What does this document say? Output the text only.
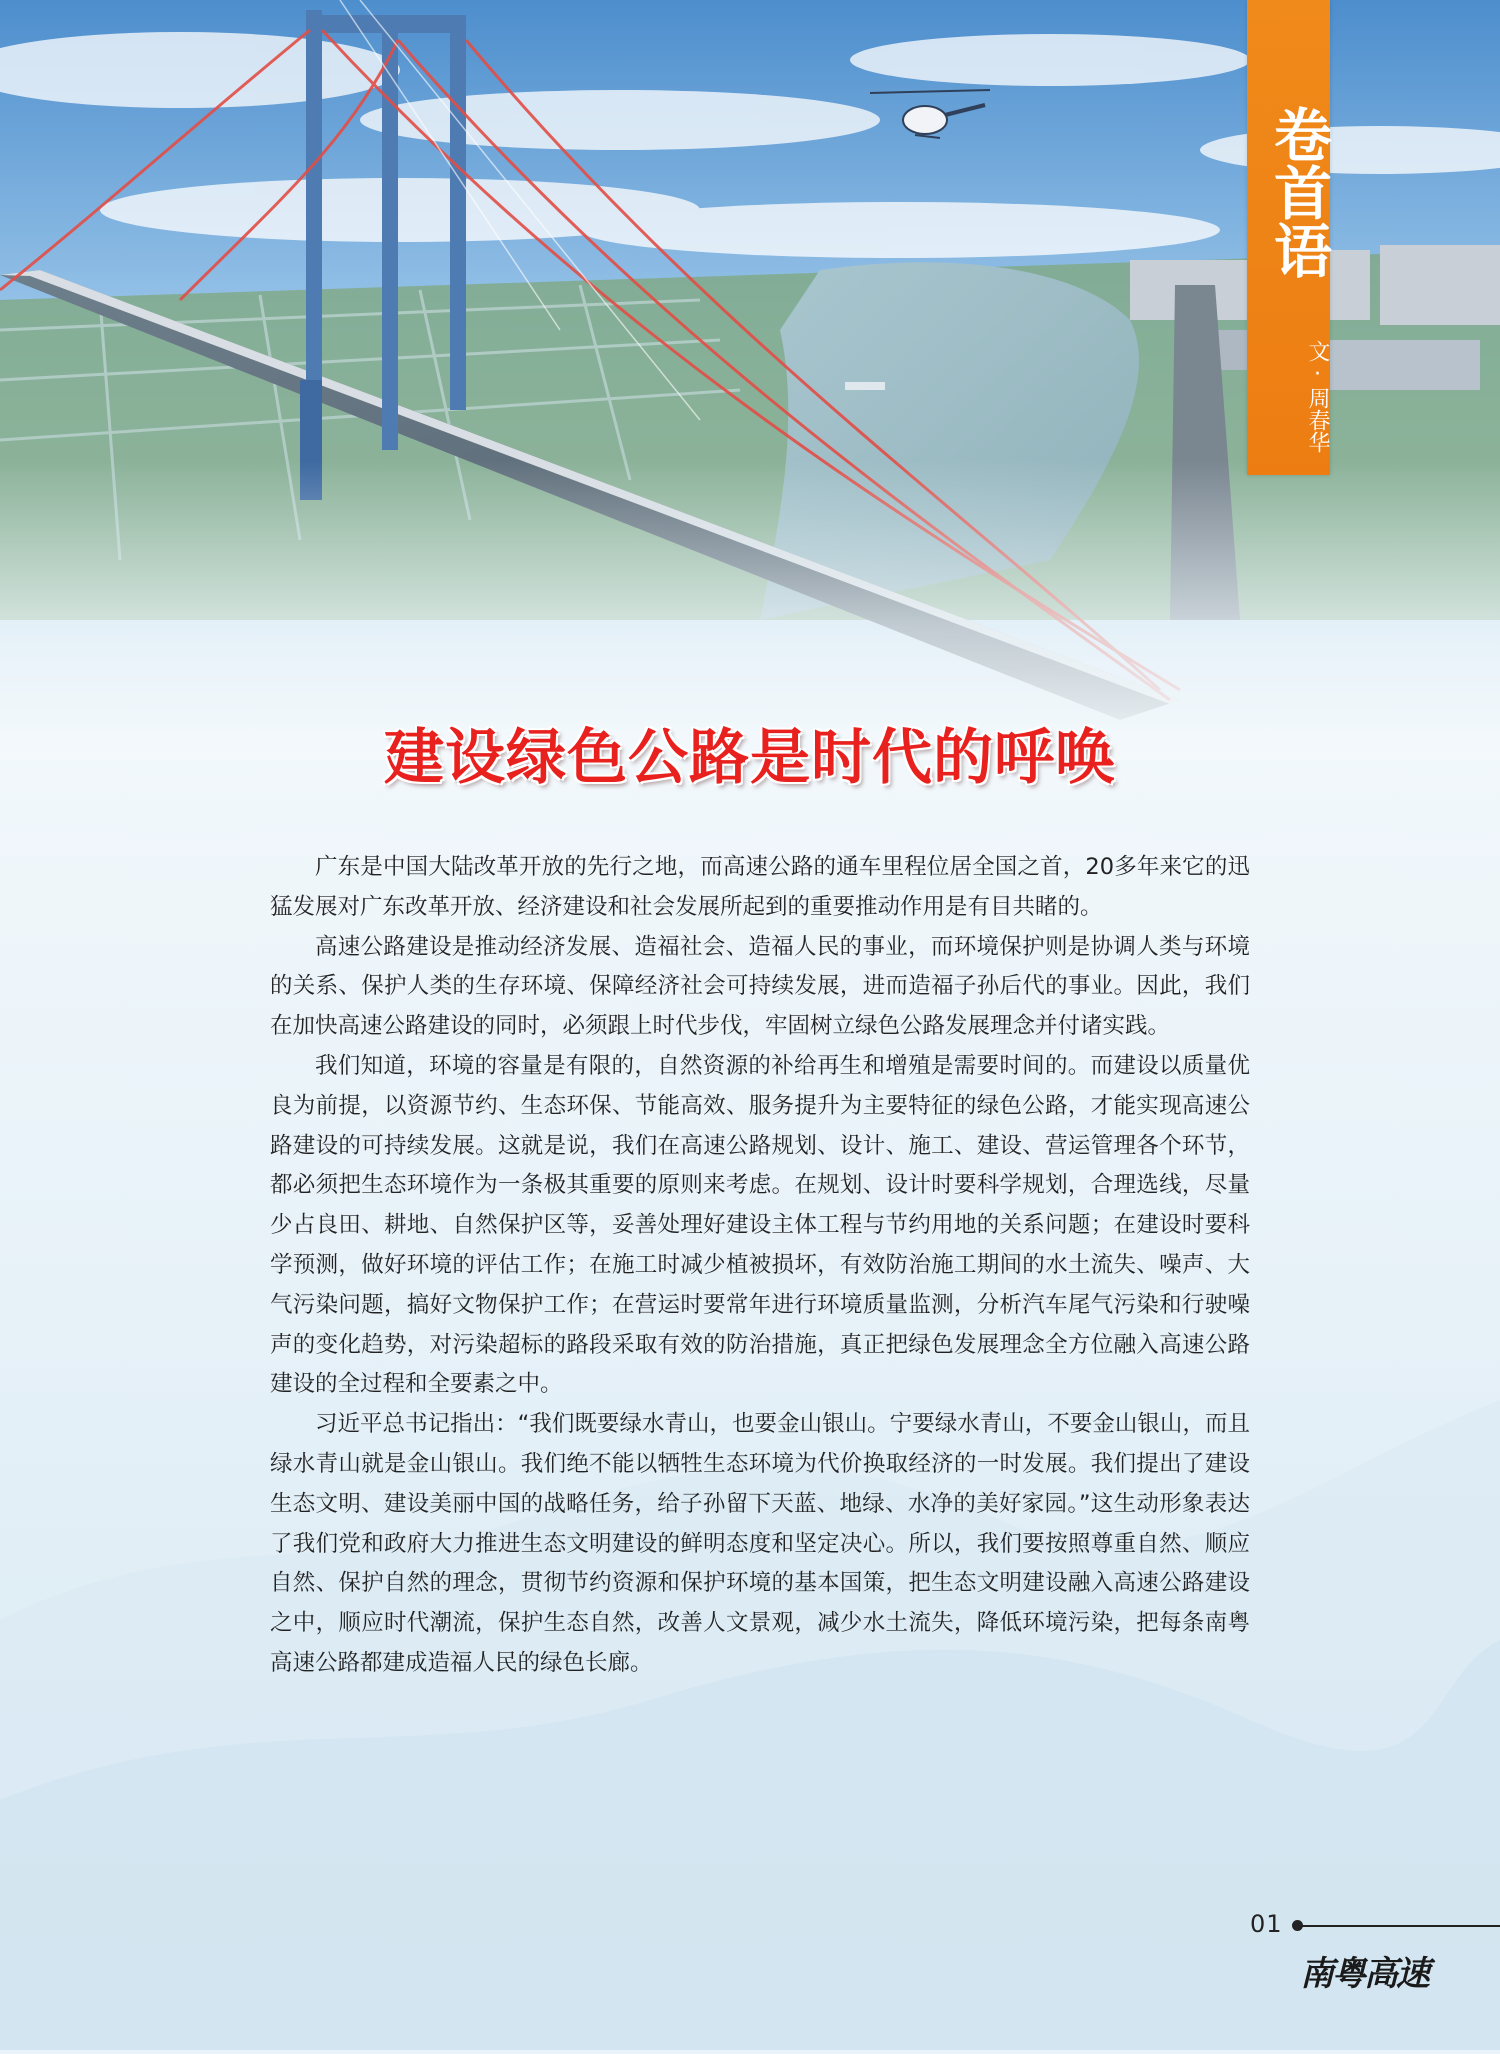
卷首语
文·周春华
建设绿色公路是时代的呼唤

广东是中国大陆改革开放的先行之地，而高速公路的通车里程位居全国之首，20多年来它的迅猛发展对广东改革开放、经济建设和社会发展所起到的重要推动作用是有目共睹的。

高速公路建设是推动经济发展、造福社会、造福人民的事业，而环境保护则是协调人类与环境的关系、保护人类的生存环境、保障经济社会可持续发展，进而造福子孙后代的事业。因此，我们在加快高速公路建设的同时，必须跟上时代步伐，牢固树立绿色公路发展理念并付诸实践。

我们知道，环境的容量是有限的，自然资源的补给再生和增殖是需要时间的。而建设以质量优良为前提，以资源节约、生态环保、节能高效、服务提升为主要特征的绿色公路，才能实现高速公路建设的可持续发展。这就是说，我们在高速公路规划、设计、施工、建设、营运管理各个环节，都必须把生态环境作为一条极其重要的原则来考虑。在规划、设计时要科学规划，合理选线，尽量少占良田、耕地、自然保护区等，妥善处理好建设主体工程与节约用地的关系问题；在建设时要科学预测，做好环境的评估工作；在施工时减少植被损坏，有效防治施工期间的水土流失、噪声、大气污染问题，搞好文物保护工作；在营运时要常年进行环境质量监测，分析汽车尾气污染和行驶噪声的变化趋势，对污染超标的路段采取有效的防治措施，真正把绿色发展理念全方位融入高速公路建设的全过程和全要素之中。

习近平总书记指出：“我们既要绿水青山，也要金山银山。宁要绿水青山，不要金山银山，而且绿水青山就是金山银山。我们绝不能以牺牲生态环境为代价换取经济的一时发展。我们提出了建设生态文明、建设美丽中国的战略任务，给子孙留下天蓝、地绿、水净的美好家园。”这生动形象表达了我们党和政府大力推进生态文明建设的鲜明态度和坚定决心。所以，我们要按照尊重自然、顺应自然、保护自然的理念，贯彻节约资源和保护环境的基本国策，把生态文明建设融入高速公路建设之中，顺应时代潮流，保护生态自然，改善人文景观，减少水土流失，降低环境污染，把每条南粤高速公路都建成造福人民的绿色长廊。

01
南粤高速
